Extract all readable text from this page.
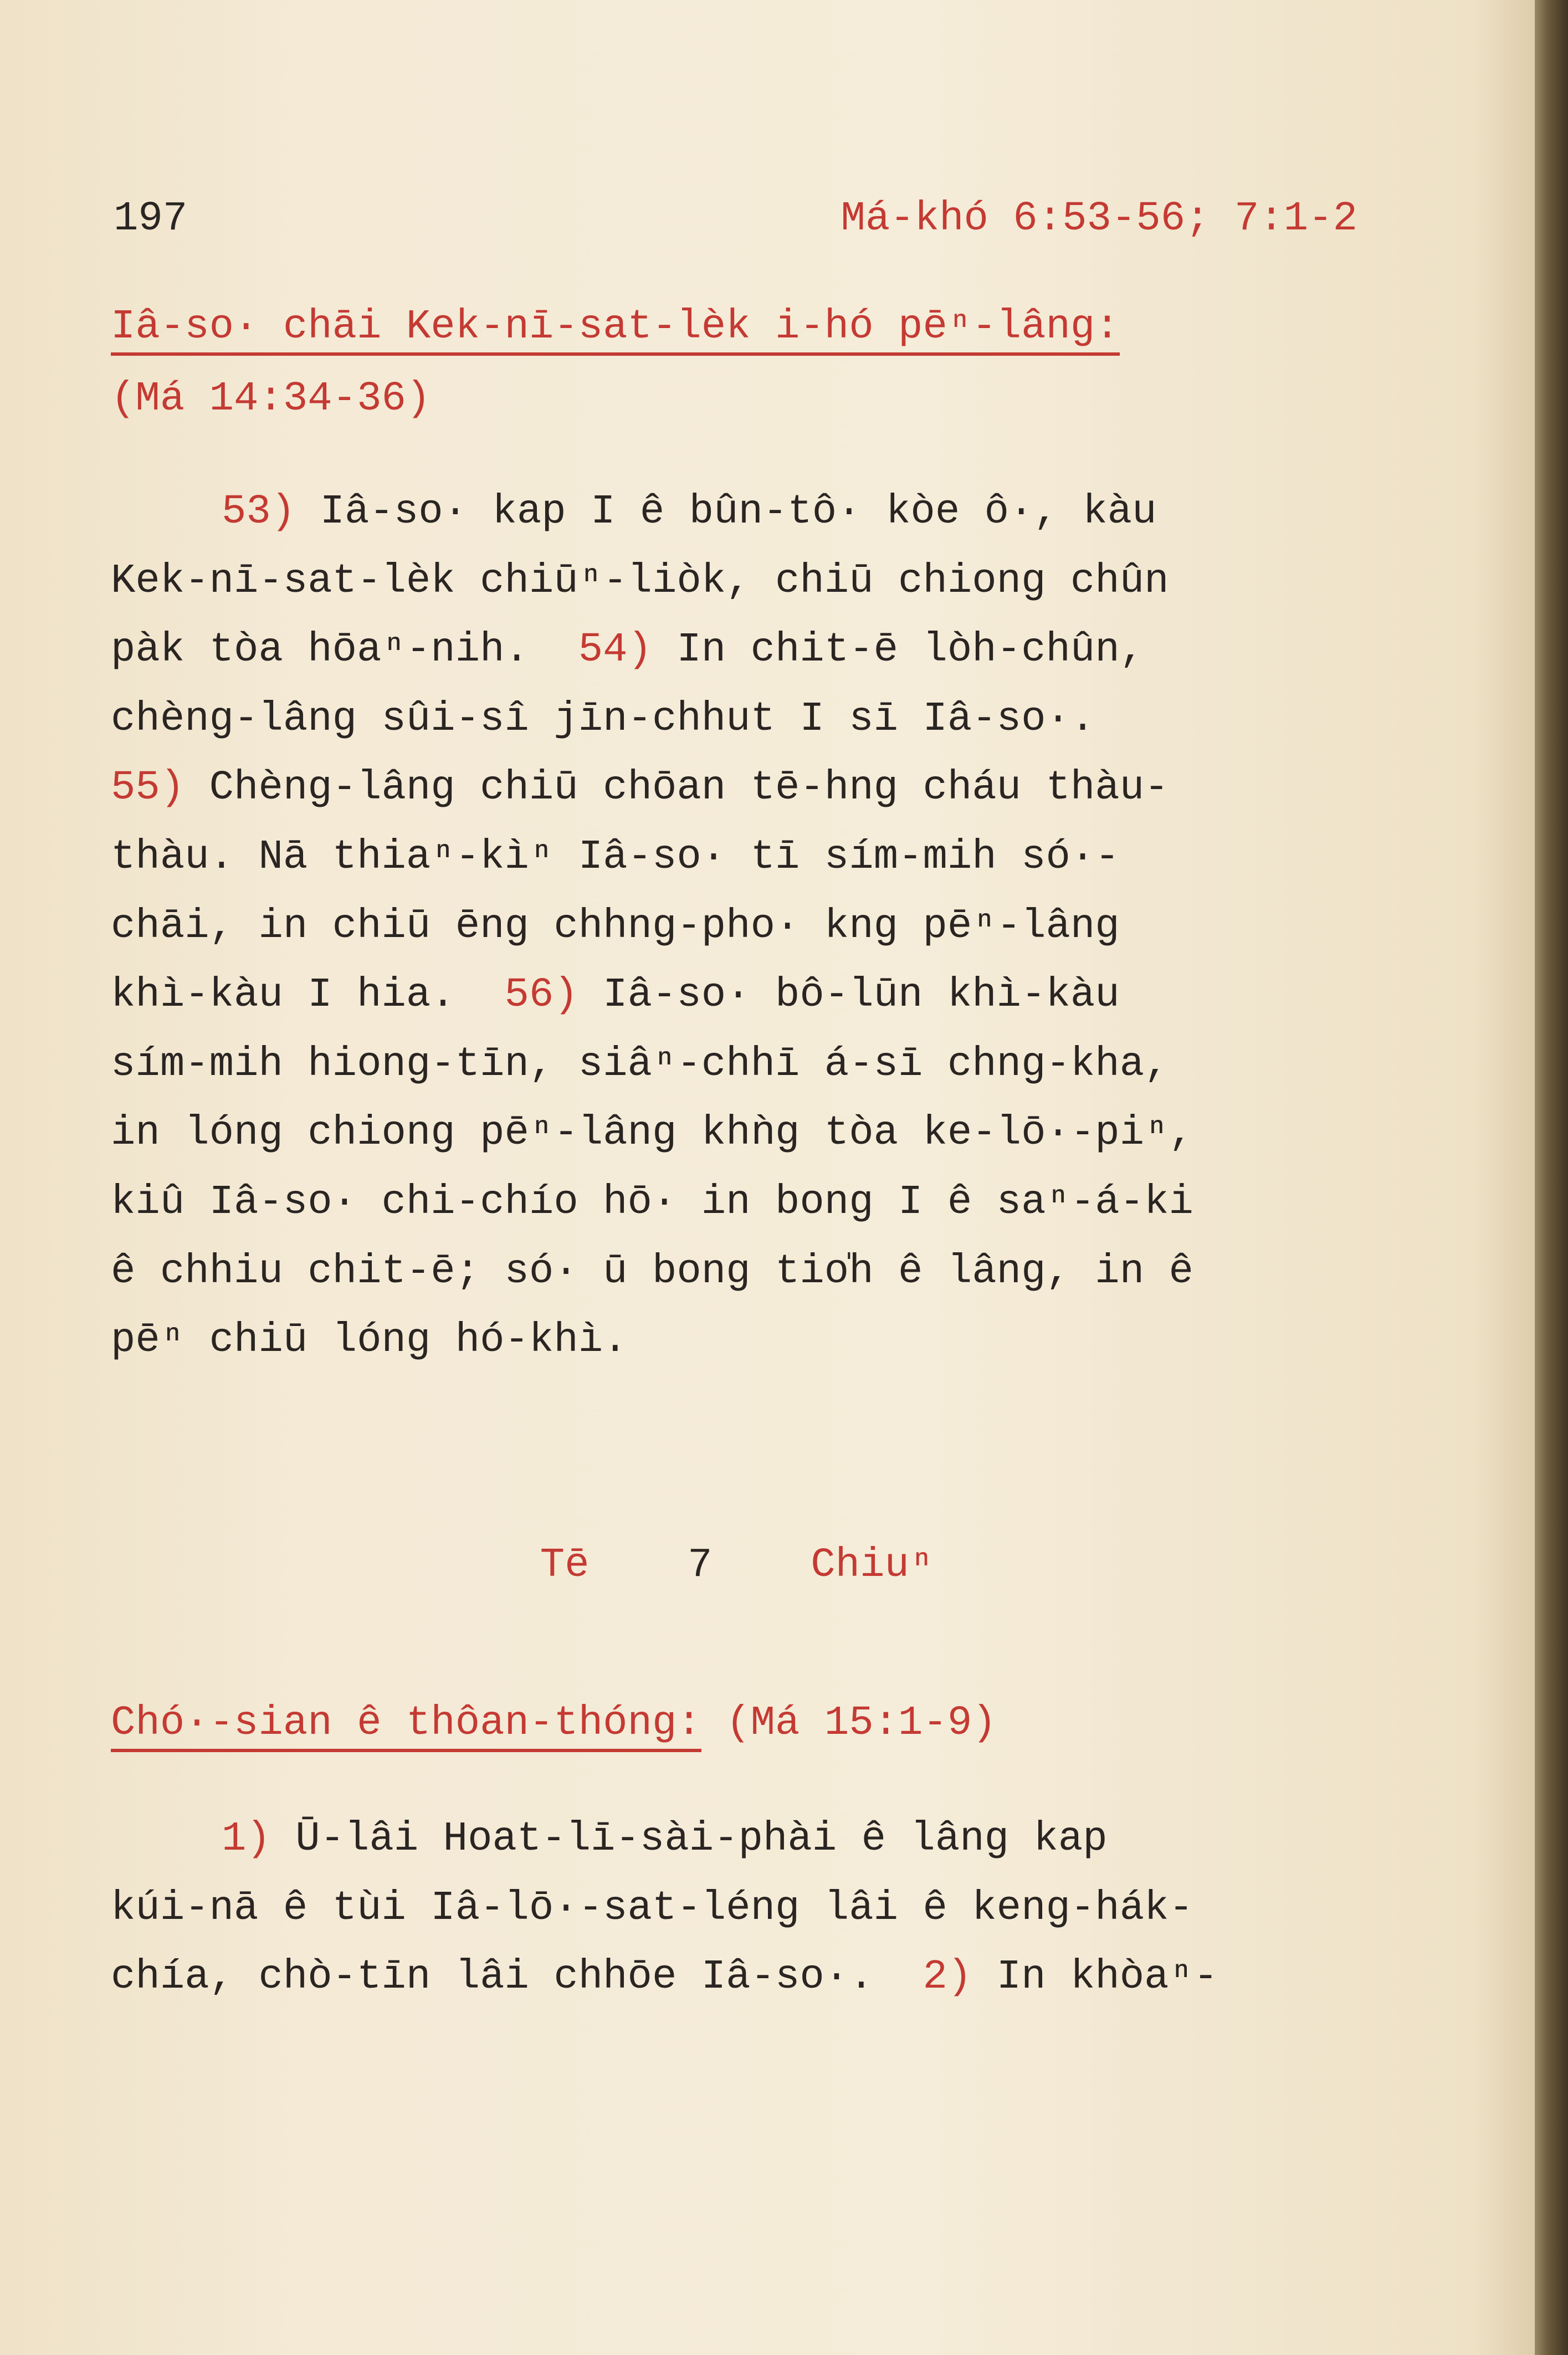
197	Má-khó 6:53-56; 7:1-2
Iâ-so· chāi Kek-nī-sat-lèk i-hó pēⁿ-lâng:
(Má 14:34-36)
53) Iâ-so· kap I ê bûn-tô· kòe ô·, kàu
Kek-nī-sat-lèk chiūⁿ-liòk, chiū chiong chûn
pàk tòa hōaⁿ-nih.  54) In chit-ē lòh-chûn,
chèng-lâng sûi-sî jīn-chhut I sī Iâ-so·.
55) Chèng-lâng chiū chōan tē-hng cháu thàu-
thàu. Nā thiaⁿ-kìⁿ Iâ-so· tī sím-mih só·-
chāi, in chiū ēng chhng-pho· kng pēⁿ-lâng
khì-kàu I hia.  56) Iâ-so· bô-lūn khì-kàu
sím-mih hiong-tīn, siâⁿ-chhī á-sī chng-kha,
in lóng chiong pēⁿ-lâng khǹg tòa ke-lō·-piⁿ,
kiû Iâ-so· chi-chío hō· in bong I ê saⁿ-á-ki
ê chhiu chit-ē; só· ū bong tio̍h ê lâng, in ê
pēⁿ chiū lóng hó-khì.
Tē 7 Chiuⁿ
Chó·-sian ê thôan-thóng: (Má 15:1-9)
1) Ū-lâi Hoat-lī-sài-phài ê lâng kap
kúi-nā ê tùi Iâ-lō·-sat-léng lâi ê keng-hák-
chía, chò-tīn lâi chhōe Iâ-so·.  2) In khòaⁿ-
